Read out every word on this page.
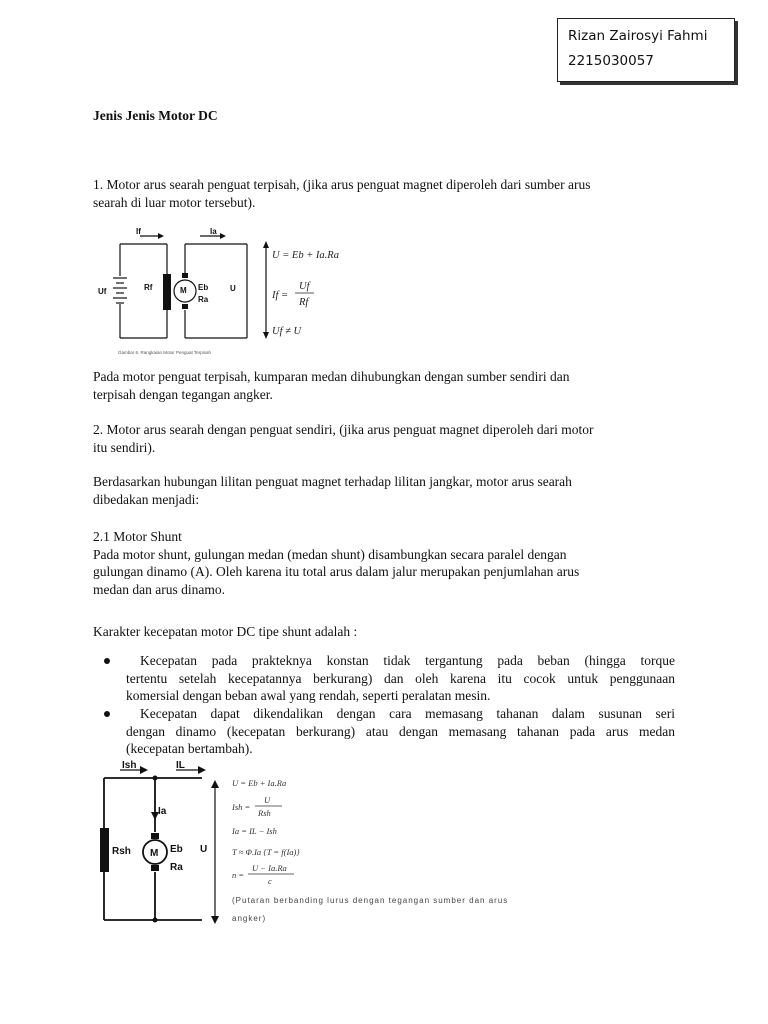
Rizan Zairosyi Fahmi
2215030057
Jenis Jenis Motor DC

1. Motor arus searah penguat terpisah, (jika arus penguat magnet diperoleh dari sumber arus

searah di luar motor tersebut).

If	Ia
Uf	Rf	M Eb
Ra
U
Gambar 6. Rangkaian Motor Penguat Terpisah
U = Eb + Ia.Ra
If =
Uf
Rf
Uf ≠ U

Pada motor penguat terpisah, kumparan medan dihubungkan dengan sumber sendiri dan

terpisah dengan tegangan angker.

2. Motor arus searah dengan penguat sendiri, (jika arus penguat magnet diperoleh dari motor

itu sendiri).

Berdasarkan hubungan lilitan penguat magnet terhadap lilitan jangkar, motor arus searah

dibedakan menjadi:

2.1 Motor Shunt

Pada motor shunt, gulungan medan (medan shunt) disambungkan secara paralel dengan

gulungan dinamo (A). Oleh karena itu total arus dalam jalur merupakan penjumlahan arus

medan dan arus dinamo.

Karakter kecepatan motor DC tipe shunt adalah :

Kecepatan pada prakteknya konstan tidak tergantung pada beban (hingga torque

tertentu setelah kecepatannya berkurang) dan oleh karena itu cocok untuk penggunaan

komersial dengan beban awal yang rendah, seperti peralatan mesin.

Kecepatan dapat dikendalikan dengan cara memasang tahanan dalam susunan seri

dengan dinamo (kecepatan berkurang) atau dengan memasang tahanan pada arus medan

(kecepatan bertambah).

Ish	IL
Ia
Rsh M Eb
Ra
U
U = Eb + Ia.Ra
Ish =
U
Rsh
Ia = IL − Ish
T ≈ Φ.Ia {T = f(Ia)}
n =
U − Ia.Ra
c
(Putaran berbanding lurus dengan tegangan sumber dan arus
angker)
